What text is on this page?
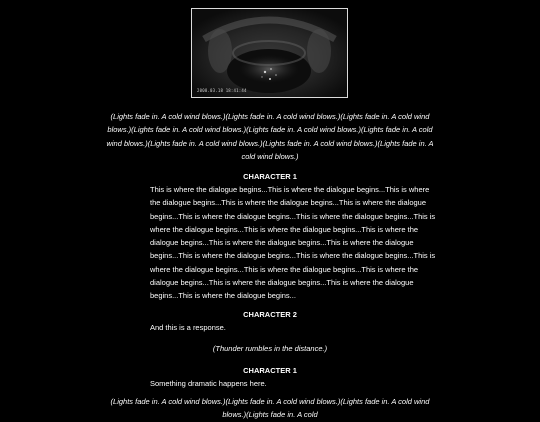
2008.03.18 18:41:44
(Lights fade in. A cold wind blows.)(Lights fade in. A cold wind blows.)(Lights fade in. A cold wind blows.)(Lights fade in. A cold wind blows.)(Lights fade in. A cold wind blows.)(Lights fade in. A cold wind blows.)(Lights fade in. A cold wind blows.)(Lights fade in. A cold wind blows.)(Lights fade in. A cold wind blows.)
CHARACTER 1
This is where the dialogue begins...This is where the dialogue begins...This is where the dialogue begins...This is where the dialogue begins...This is where the dialogue begins...This is where the dialogue begins...This is where the dialogue begins...This is where the dialogue begins...This is where the dialogue begins...This is where the dialogue begins...This is where the dialogue begins...This is where the dialogue begins...This is where the dialogue begins...This is where the dialogue begins...This is where the dialogue begins...This is where the dialogue begins...This is where the dialogue begins...This is where the dialogue begins...This is where the dialogue begins...This is where the dialogue begins...
CHARACTER 2
And this is a response.
(Thunder rumbles in the distance.)
CHARACTER 1
Something dramatic happens here.
(Lights fade in. A cold wind blows.)(Lights fade in. A cold wind blows.)(Lights fade in. A cold wind blows.)(Lights fade in. A cold
